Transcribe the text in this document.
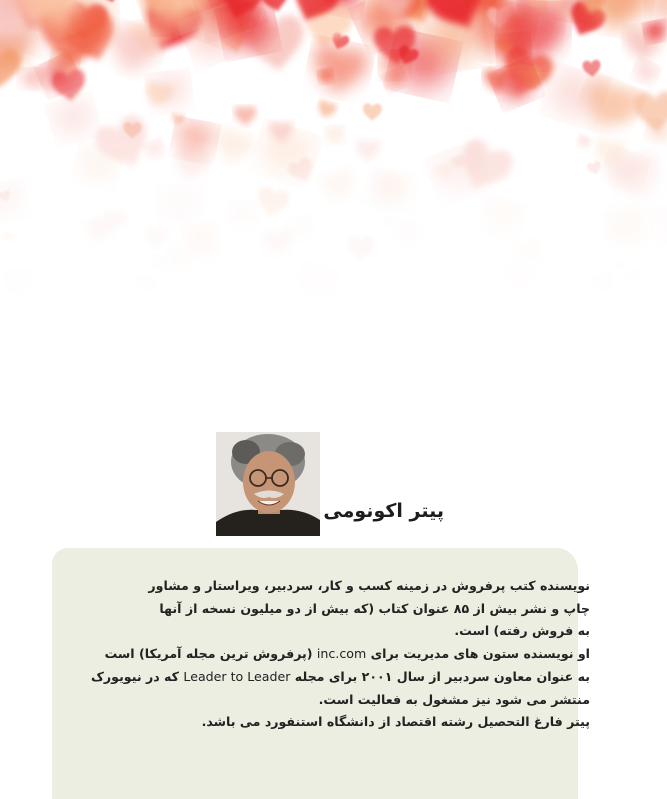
پیتر اکونومی

نویسنده کتب پرفروش در زمینه کسب و کار، سردبیر، ویراستار و مشاور

چاپ و نشر بیش از ۸۵ عنوان کتاب (که بیش از دو میلیون نسخه از آنها

به فروش رفته) است.

او نویسنده ستون های مدیریت برای inc.com (پرفروش ترین مجله آمریکا) است

به عنوان معاون سردبیر از سال ۲۰۰۱ برای مجله Leader to Leader که در نیویورک

منتشر می شود نیز مشغول به فعالیت است.

پیتر فارغ التحصیل رشته اقتصاد از دانشگاه استنفورد می باشد.
